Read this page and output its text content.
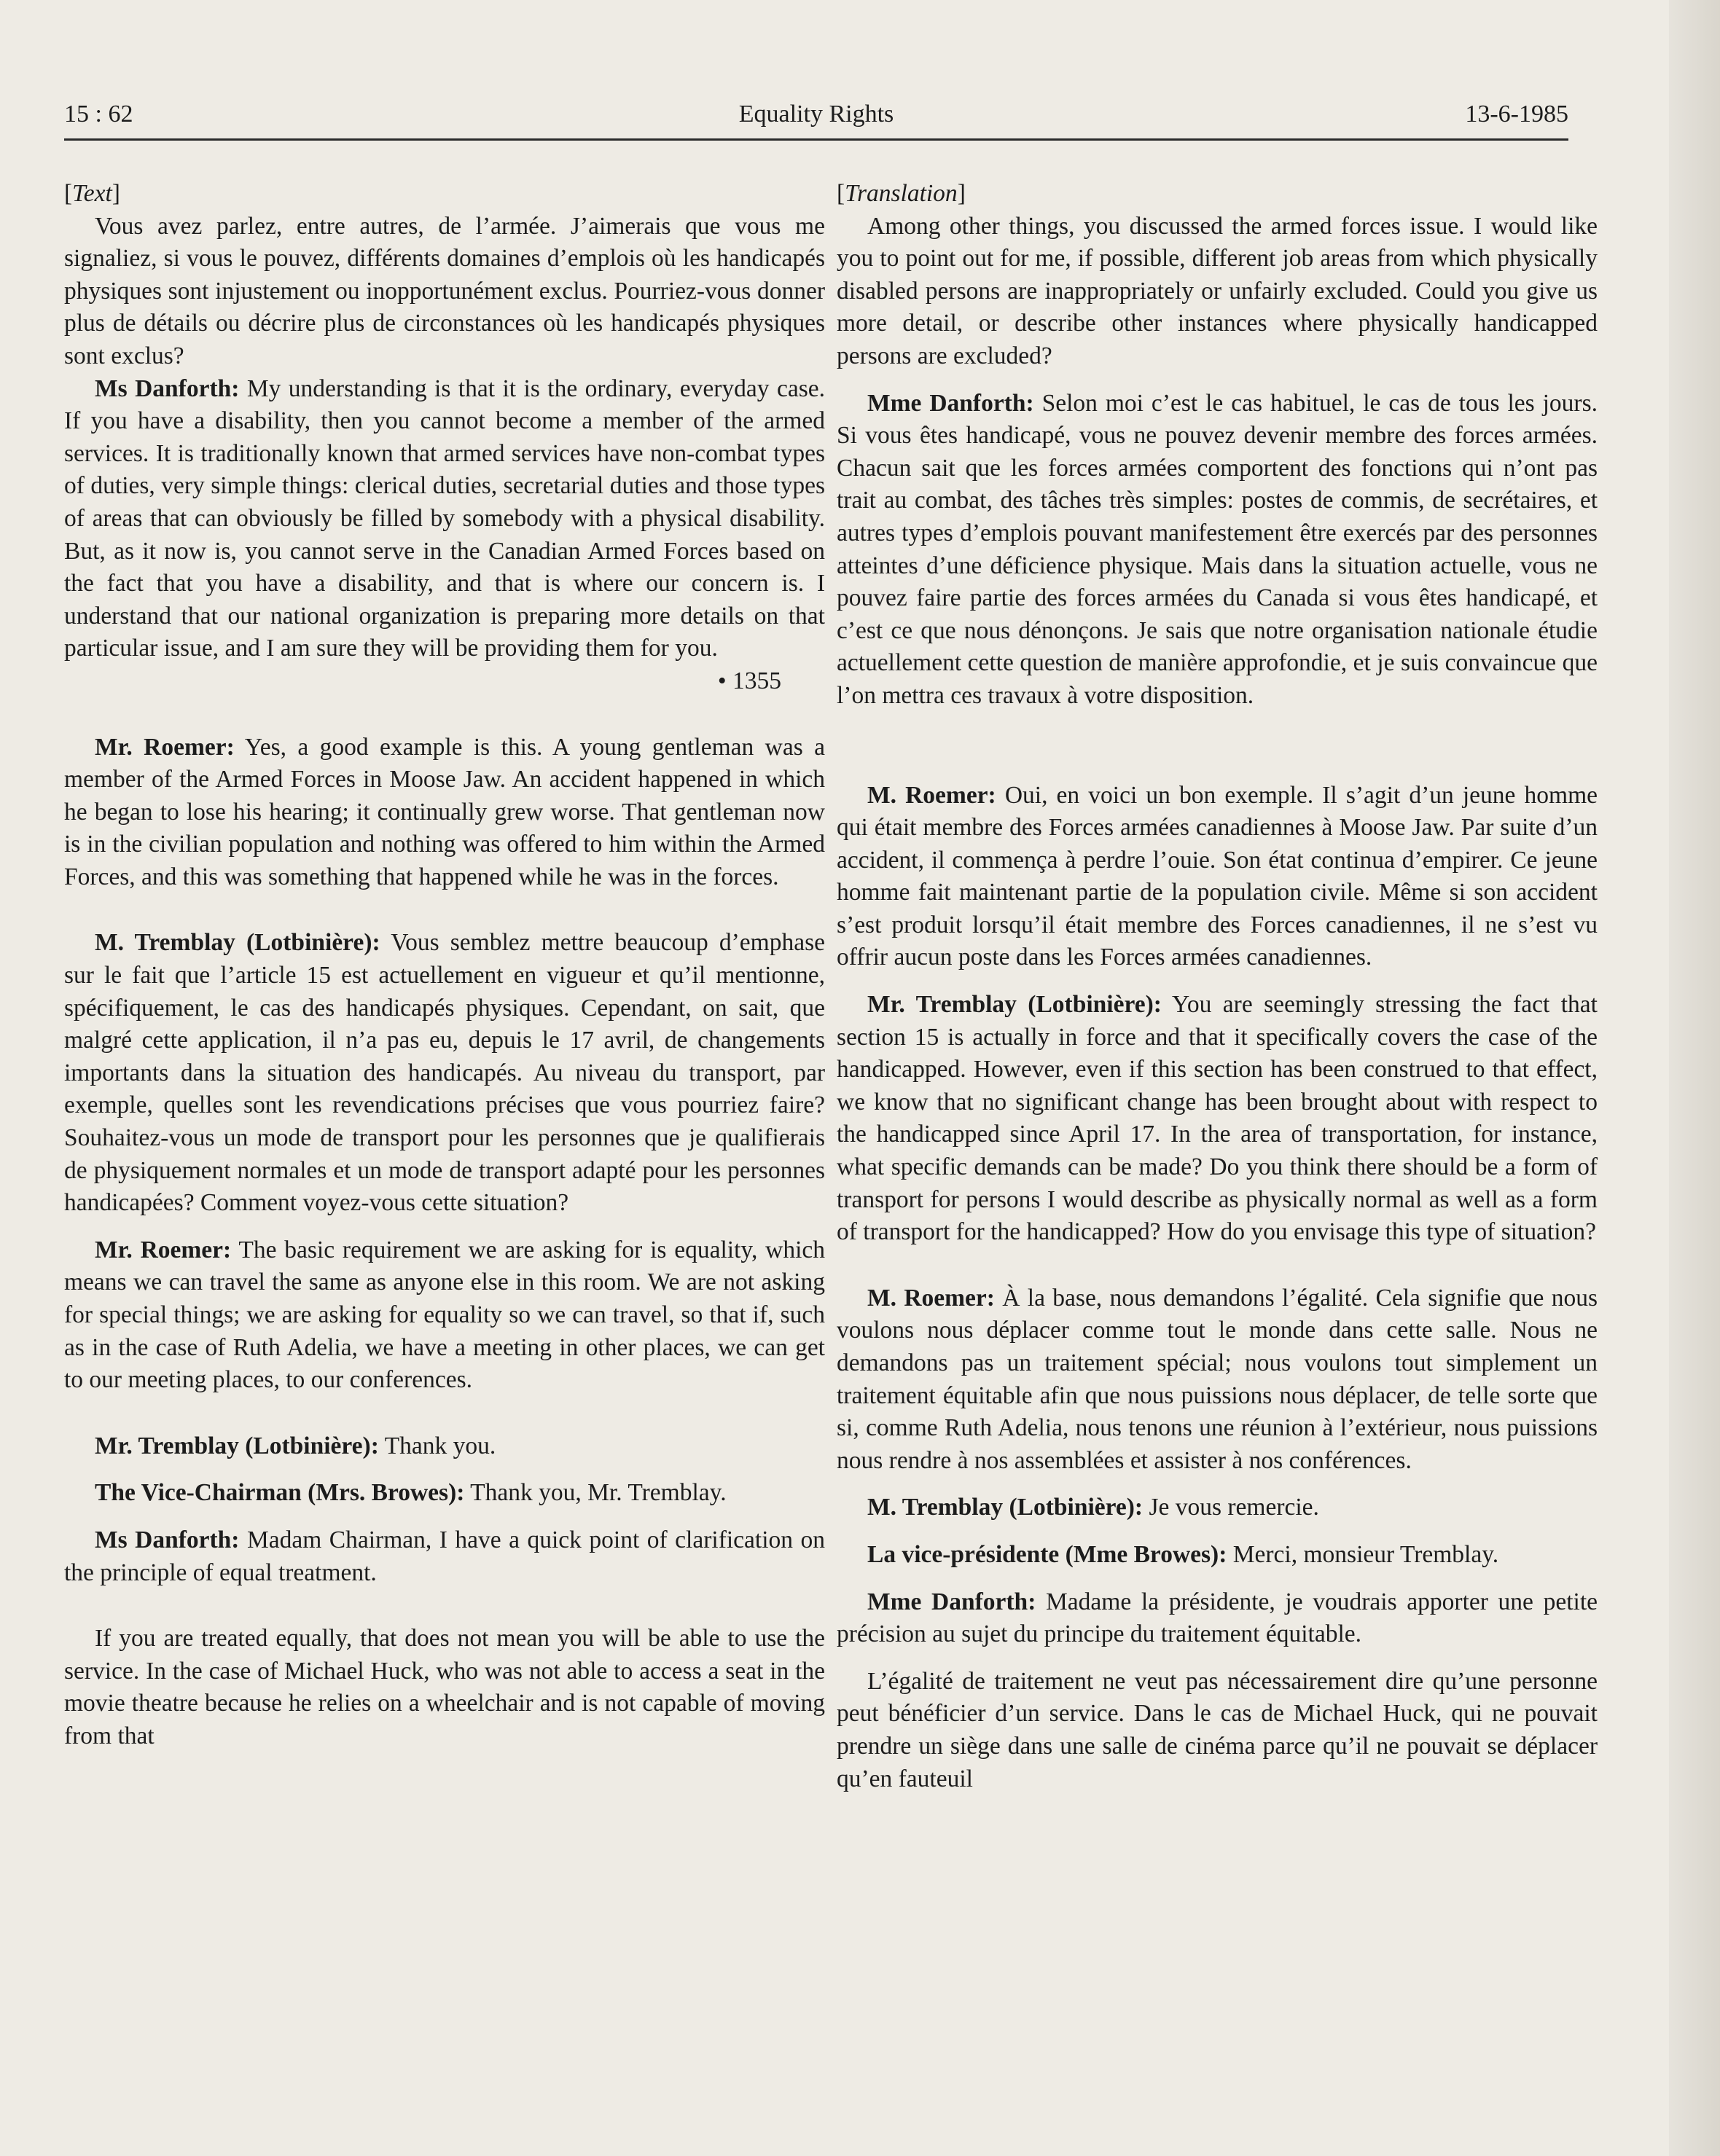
15 : 62	Equality Rights	13-6-1985

[Text]

Vous avez parlez, entre autres, de l’armée. J’aimerais que vous me signaliez, si vous le pouvez, différents domaines d’emplois où les handicapés physiques sont injustement ou inopportunément exclus. Pourriez-vous donner plus de détails ou décrire plus de circonstances où les handicapés physiques sont exclus?

Ms Danforth: My understanding is that it is the ordinary, everyday case. If you have a disability, then you cannot become a member of the armed services. It is traditionally known that armed services have non-combat types of duties, very simple things: clerical duties, secretarial duties and those types of areas that can obviously be filled by somebody with a physical disability. But, as it now is, you cannot serve in the Canadian Armed Forces based on the fact that you have a disability, and that is where our concern is. I understand that our national organization is preparing more details on that particular issue, and I am sure they will be providing them for you.

• 1355

Mr. Roemer: Yes, a good example is this. A young gentleman was a member of the Armed Forces in Moose Jaw. An accident happened in which he began to lose his hearing; it continually grew worse. That gentleman now is in the civilian population and nothing was offered to him within the Armed Forces, and this was something that happened while he was in the forces.

M. Tremblay (Lotbinière): Vous semblez mettre beaucoup d’emphase sur le fait que l’article 15 est actuellement en vigueur et qu’il mentionne, spécifiquement, le cas des handicapés physiques. Cependant, on sait, que malgré cette application, il n’a pas eu, depuis le 17 avril, de changements importants dans la situation des handicapés. Au niveau du transport, par exemple, quelles sont les revendications précises que vous pourriez faire? Souhaitez-vous un mode de transport pour les personnes que je qualifierais de physiquement normales et un mode de transport adapté pour les personnes handicapées? Comment voyez-vous cette situation?

Mr. Roemer: The basic requirement we are asking for is equality, which means we can travel the same as anyone else in this room. We are not asking for special things; we are asking for equality so we can travel, so that if, such as in the case of Ruth Adelia, we have a meeting in other places, we can get to our meeting places, to our conferences.

Mr. Tremblay (Lotbinière): Thank you.

The Vice-Chairman (Mrs. Browes): Thank you, Mr. Tremblay.

Ms Danforth: Madam Chairman, I have a quick point of clarification on the principle of equal treatment.

If you are treated equally, that does not mean you will be able to use the service. In the case of Michael Huck, who was not able to access a seat in the movie theatre because he relies on a wheelchair and is not capable of moving from that

[Translation]

Among other things, you discussed the armed forces issue. I would like you to point out for me, if possible, different job areas from which physically disabled persons are inappropriately or unfairly excluded. Could you give us more detail, or describe other instances where physically handicapped persons are excluded?

Mme Danforth: Selon moi c’est le cas habituel, le cas de tous les jours. Si vous êtes handicapé, vous ne pouvez devenir membre des forces armées. Chacun sait que les forces armées comportent des fonctions qui n’ont pas trait au combat, des tâches très simples: postes de commis, de secrétaires, et autres types d’emplois pouvant manifestement être exercés par des personnes atteintes d’une déficience physique. Mais dans la situation actuelle, vous ne pouvez faire partie des forces armées du Canada si vous êtes handicapé, et c’est ce que nous dénonçons. Je sais que notre organisation nationale étudie actuellement cette question de manière approfondie, et je suis convaincue que l’on mettra ces travaux à votre disposition.

M. Roemer: Oui, en voici un bon exemple. Il s’agit d’un jeune homme qui était membre des Forces armées canadiennes à Moose Jaw. Par suite d’un accident, il commença à perdre l’ouie. Son état continua d’empirer. Ce jeune homme fait maintenant partie de la population civile. Même si son accident s’est produit lorsqu’il était membre des Forces canadiennes, il ne s’est vu offrir aucun poste dans les Forces armées canadiennes.

Mr. Tremblay (Lotbinière): You are seemingly stressing the fact that section 15 is actually in force and that it specifically covers the case of the handicapped. However, even if this section has been construed to that effect, we know that no significant change has been brought about with respect to the handicapped since April 17. In the area of transportation, for instance, what specific demands can be made? Do you think there should be a form of transport for persons I would describe as physically normal as well as a form of transport for the handicapped? How do you envisage this type of situation?

M. Roemer: À la base, nous demandons l’égalité. Cela signifie que nous voulons nous déplacer comme tout le monde dans cette salle. Nous ne demandons pas un traitement spécial; nous voulons tout simplement un traitement équitable afin que nous puissions nous déplacer, de telle sorte que si, comme Ruth Adelia, nous tenons une réunion à l’extérieur, nous puissions nous rendre à nos assemblées et assister à nos conférences.

M. Tremblay (Lotbinière): Je vous remercie.

La vice-présidente (Mme Browes): Merci, monsieur Tremblay.

Mme Danforth: Madame la présidente, je voudrais apporter une petite précision au sujet du principe du traitement équitable.

L’égalité de traitement ne veut pas nécessairement dire qu’une personne peut bénéficier d’un service. Dans le cas de Michael Huck, qui ne pouvait prendre un siège dans une salle de cinéma parce qu’il ne pouvait se déplacer qu’en fauteuil
